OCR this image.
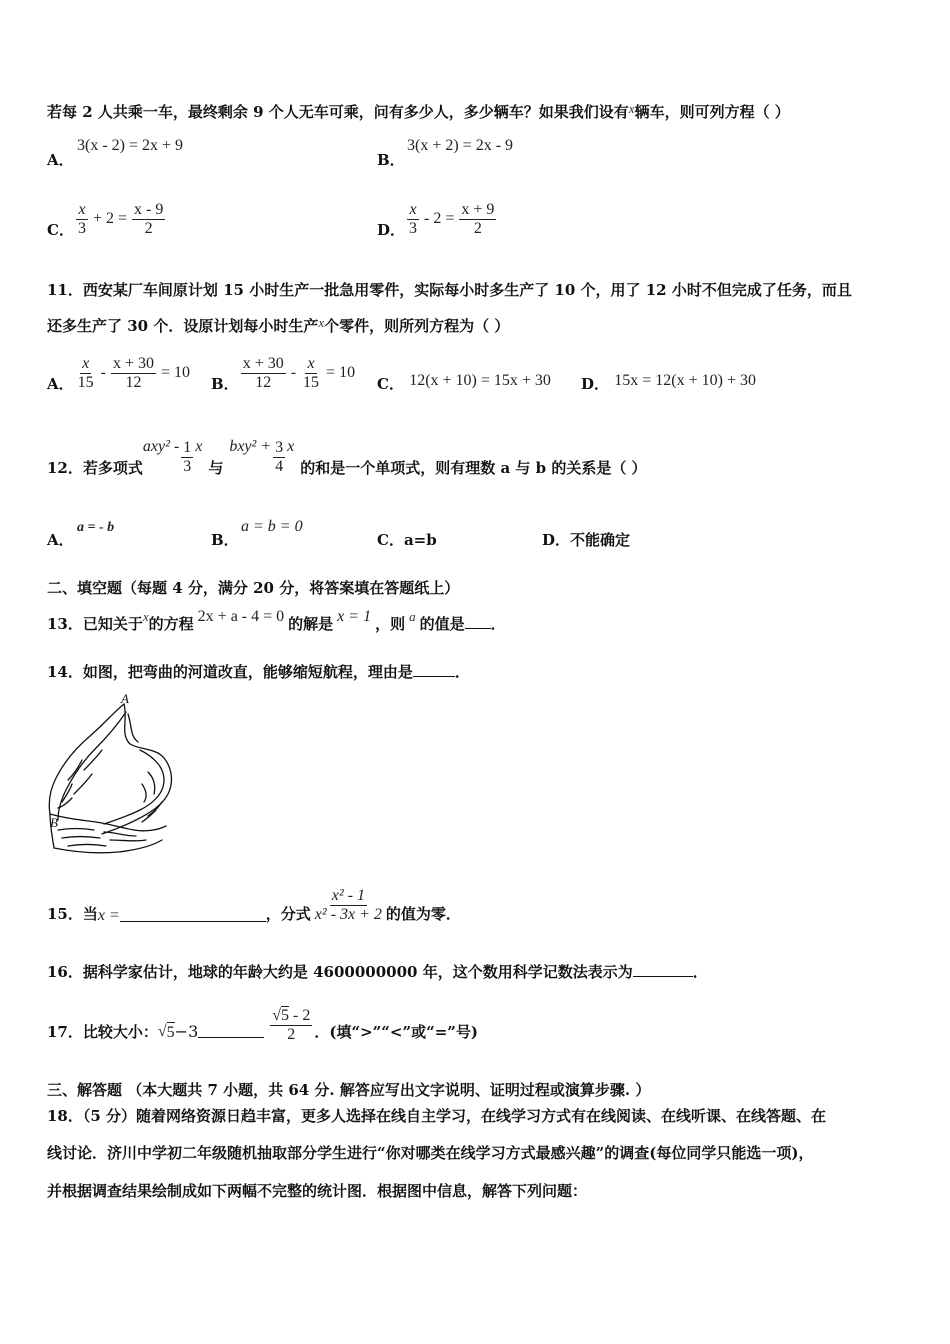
若每 2 人共乘一车，最终剩余 9 个人无车可乘，问有多少人，多少辆车？如果我们设有x辆车，则可列方程（ ）
A．
3(x - 2) = 2x + 9
B．
3(x + 2) = 2x - 9
C． $\frac{x}{3} + 2 = \frac{x - 9}{2}$	D． $\frac{x}{3} - 2 = \frac{x + 9}{2}$
11．西安某厂车间原计划 15 小时生产一批急用零件，实际每小时多生产了 10 个，用了 12 小时不但完成了任务，而且
还多生产了 30 个．设原计划每小时生产x个零件，则所列方程为（ ）
A． $\frac{x}{15} - \frac{x + 30}{12} = 10$
B． $\frac{x + 30}{12} - \frac{x}{15} = 10$
C． 12(x + 10) = 15x + 30 D． 15x = 12(x + 10) + 30
12．若多项式
$axy^2 - \frac{1}{3}$ x
与
$bxy^2 + \frac{3}{4}$ x
的和是一个单项式，则有理数 a 与 b 的关系是（ ）
A．
a = - b
B．
a = b = 0
C．a=b	D．不能确定
二、填空题（每题 4 分，满分 20 分，将答案填在答题纸上）
13．已知关于x的方程 2x + a - 4 = 0 的解是 x = 1 ，则 a 的值是 ．
14．如图，把弯曲的河道改直，能够缩短航程，理由是	．
A
B
15．当 x =	，分式 $\frac{\text{x² - 1}}{\text{x² - 3x + 2}}$ 的值为零．
16．据科学家估计，地球的年龄大约是 4600000000 年，这个数用科学记数法表示为	．
17．比较大小： √ 5 −3	$\frac{√5 - 2}{2}$ ．(填“>”“<”或“=”号)
三、解答题 （本大题共 7 小题，共 64 分. 解答应写出文字说明、证明过程或演算步骤. ）
18．（5 分）随着网络资源日趋丰富，更多人选择在线自主学习，在线学习方式有在线阅读、在线听课、在线答题、在
线讨论．济川中学初二年级随机抽取部分学生进行“你对哪类在线学习方式最感兴趣”的调查(每位同学只能选一项)，
并根据调查结果绘制成如下两幅不完整的统计图．根据图中信息，解答下列问题：
